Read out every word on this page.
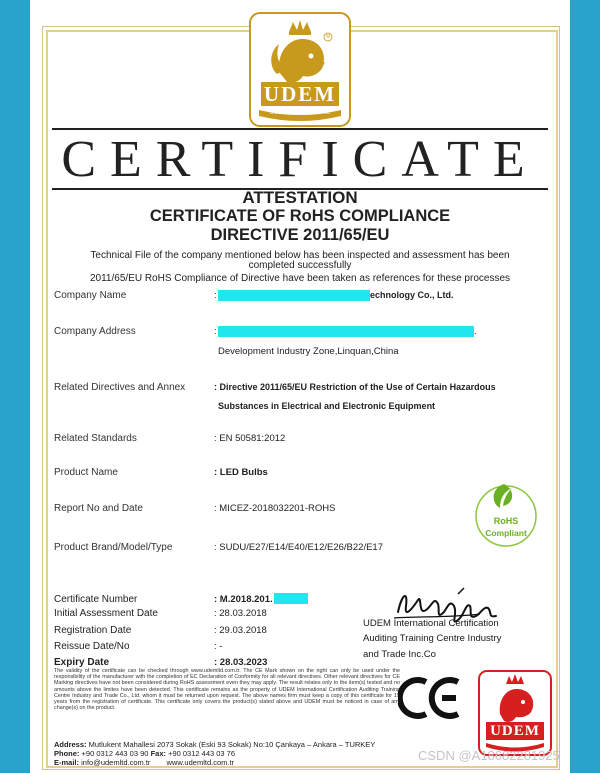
UDEM
®
Uluslararası Belgelendirme
CERTIFICATE
ATTESTATION
CERTIFICATE OF RoHS COMPLIANCE
DIRECTIVE 2011/65/EU
Technical File of the company mentioned below has been inspected and assessment has been
completed successfully
2011/65/EU RoHS Compliance of Directive have been taken as references for these processes
Company Name	:	echnology Co., Ltd.
Company Address	:	.
Development Industry Zone,Linquan,China
Related Directives and Annex	: Directive 2011/65/EU Restriction of the Use of Certain Hazardous
Substances in Electrical and Electronic Equipment
Related Standards	: EN 50581:2012
Product Name	: LED Bulbs
Report No and Date	: MICEZ-2018032201-ROHS
Product Brand/Model/Type	: SUDU/E27/E14/E40/E12/E26/B22/E17
RoHS
Compliant
Certificate Number	: M.2018.201.
Initial Assessment Date	: 28.03.2018
Registration Date	: 29.03.2018
Reissue Date/No	: -
Expiry Date	: 28.03.2023
UDEM International Certification
Auditing Training Centre Industry
and Trade Inc.Co
The validity of the certificate can be checked through www.udemltd.com.tr. The CE Mark shown on the right can only be used under the responsibility of the manufacturer with the completion of EC Declaration of Conformity for all relevant directives. Other relevant directives for CE Marking directives have not been considered during RoHS assessment even they may apply. The result relates only to the item(s) tested and no amounts above the limites have been detected. This certificate remains as the property of UDEM International Certification Auditing Training Centre Industry and Trade Co., Ltd. whom it must be returned upon request. The above names firm must keep a copy of this certificate for 15 years from the registration of certificate. This certificate only covers the product(s) stated above and UDEM must be noticed in case of any change(s) on the product.
Address: Mutlukent Mahallesi 2073 Sokak (Eski 93 Sokak) No:10 Çankaya – Ankara – TURKEY
Phone: +90 0312 443 03 90 Fax: +90 0312 443 03 76
E-mail: info@udemltd.com.tr www.udemltd.com.tr
UDEM
CSDN @A18682281925
